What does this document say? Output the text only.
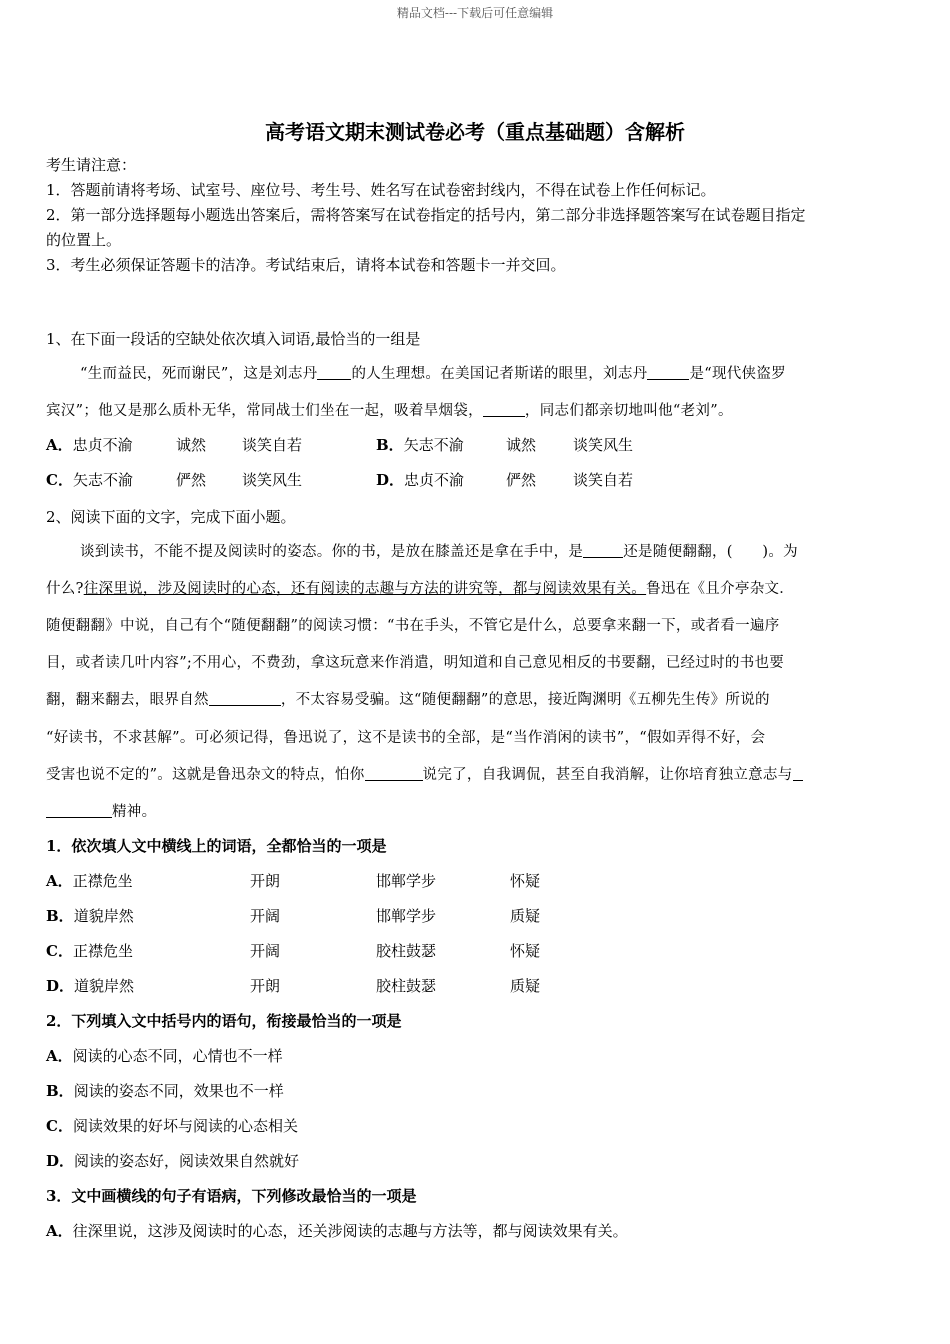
精品文档---下载后可任意编辑
高考语文期末测试卷必考（重点基础题）含解析
考生请注意：
1．答题前请将考场、试室号、座位号、考生号、姓名写在试卷密封线内，不得在试卷上作任何标记。
2．第一部分选择题每小题选出答案后，需将答案写在试卷指定的括号内，第二部分非选择题答案写在试卷题目指定
的位置上。
3．考生必须保证答题卡的洁净。考试结束后，请将本试卷和答题卡一并交回。
1、在下面一段话的空缺处依次填入词语,最恰当的一组是
“生而益民，死而谢民”，这是刘志丹 的人生理想。在美国记者斯诺的眼里，刘志丹	是“现代侠盗罗
宾汉”；他又是那么质朴无华，常同战士们坐在一起，吸着旱烟袋，	，同志们都亲切地叫他“老刘”。
A．忠贞不渝	诚然 谈笑自若	B．矢志不渝	诚然 谈笑风生
C．矢志不渝	俨然 谈笑风生	D．忠贞不渝	俨然 谈笑自若
2、阅读下面的文字，完成下面小题。
谈到读书，不能不提及阅读时的姿态。你的书，是放在膝盖还是拿在手中，是	还是随便翻翻，(　　)。为
什么?往深里说，涉及阅读时的心态，还有阅读的志趣与方法的讲究等，都与阅读效果有关。鲁迅在《且介亭杂文．
随便翻翻》中说，自己有个“随便翻翻”的阅读习惯：“书在手头，不管它是什么，总要拿来翻一下，或者看一遍序
目，或者读几叶内容”;不用心，不费劲，拿这玩意来作消遣，明知道和自己意见相反的书要翻，已经过时的书也要
翻，翻来翻去，眼界自然	，不太容易受骗。这“随便翻翻”的意思，接近陶渊明《五柳先生传》所说的
“好读书，不求甚解”。可必须记得，鲁迅说了，这不是读书的全部，是“当作消闲的读书”，“假如弄得不好，会
受害也说不定的”。这就是鲁迅杂文的特点，怕你	说完了，自我调侃，甚至自我消解，让你培育独立意志与
精神。
1．依次填人文中横线上的词语，全都恰当的一项是
A．正襟危坐	开朗	邯郸学步	怀疑
B．道貌岸然	开阔	邯郸学步	质疑
C．正襟危坐	开阔	胶柱鼓瑟	怀疑
D．道貌岸然	开朗	胶柱鼓瑟	质疑
2．下列填入文中括号内的语句，衔接最恰当的一项是
A．阅读的心态不同，心情也不一样
B．阅读的姿态不同，效果也不一样
C．阅读效果的好坏与阅读的心态相关
D．阅读的姿态好，阅读效果自然就好
3．文中画横线的句子有语病，下列修改最恰当的一项是
A．往深里说，这涉及阅读时的心态，还关涉阅读的志趣与方法等，都与阅读效果有关。
